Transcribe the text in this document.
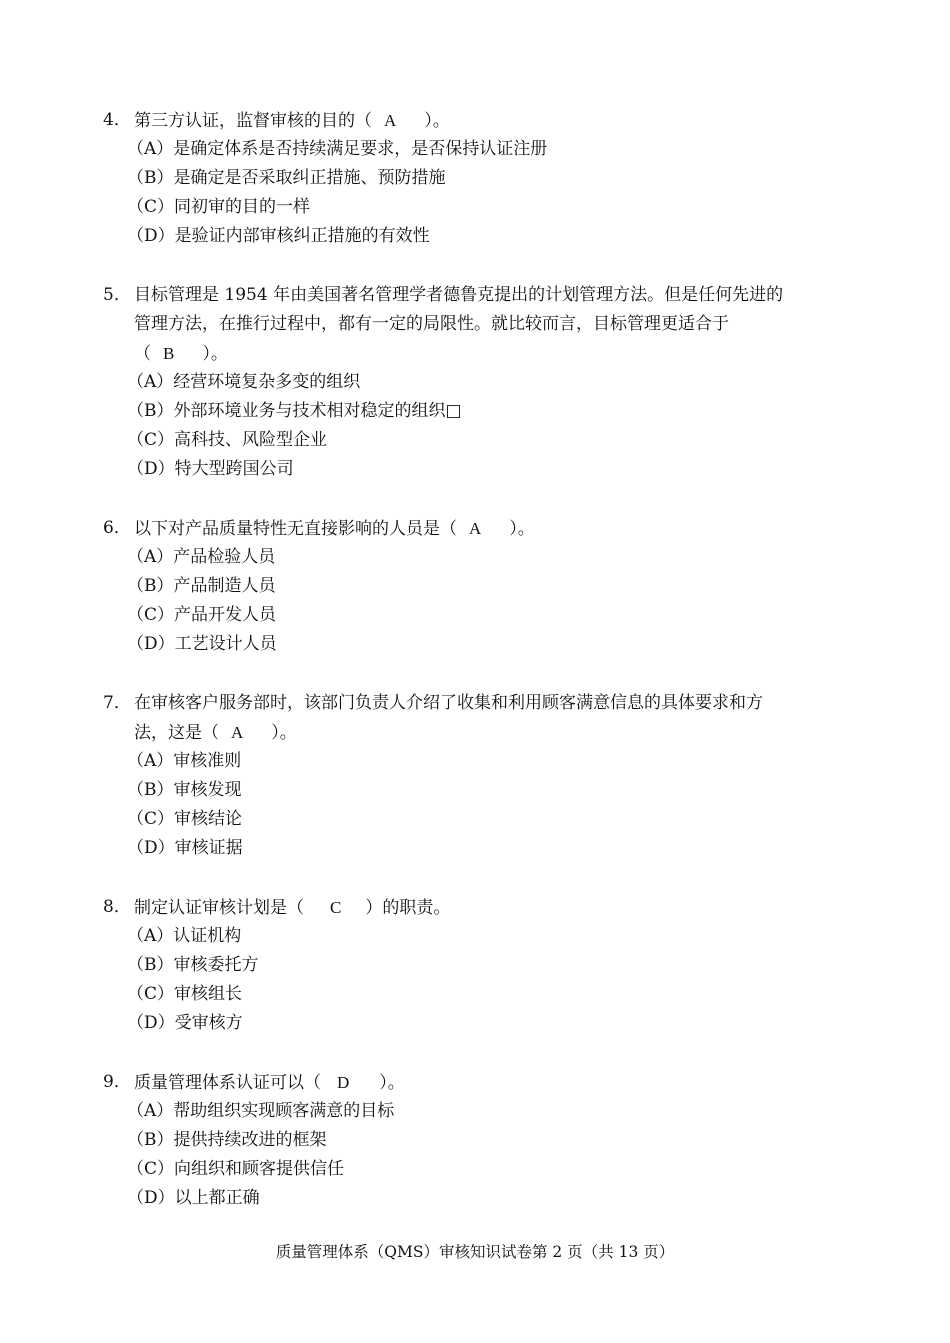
4． 第三方认证，监督审核的目的（ A ）。
（A）是确定体系是否持续满足要求，是否保持认证注册
（B）是确定是否采取纠正措施、预防措施
（C）同初审的目的一样
（D）是验证内部审核纠正措施的有效性
5． 目标管理是 1954 年由美国著名管理学者德鲁克提出的计划管理方法。但是任何先进的
管理方法，在推行过程中，都有一定的局限性。就比较而言，目标管理更适合于
（ B ）。
（A）经营环境复杂多变的组织
（B）外部环境业务与技术相对稳定的组织□
（C）高科技、风险型企业
（D）特大型跨国公司
6． 以下对产品质量特性无直接影响的人员是（ A ）。
（A）产品检验人员
（B）产品制造人员
（C）产品开发人员
（D）工艺设计人员
7． 在审核客户服务部时，该部门负责人介绍了收集和利用顾客满意信息的具体要求和方
法，这是（ A ）。
（A）审核准则
（B）审核发现
（C）审核结论
（D）审核证据
8． 制定认证审核计划是（ C ）的职责。
（A）认证机构
（B）审核委托方
（C）审核组长
（D）受审核方
9． 质量管理体系认证可以（ D ）。
（A）帮助组织实现顾客满意的目标
（B）提供持续改进的框架
（C）向组织和顾客提供信任
（D）以上都正确
质量管理体系（QMS）审核知识试卷第 2 页（共 13 页）
